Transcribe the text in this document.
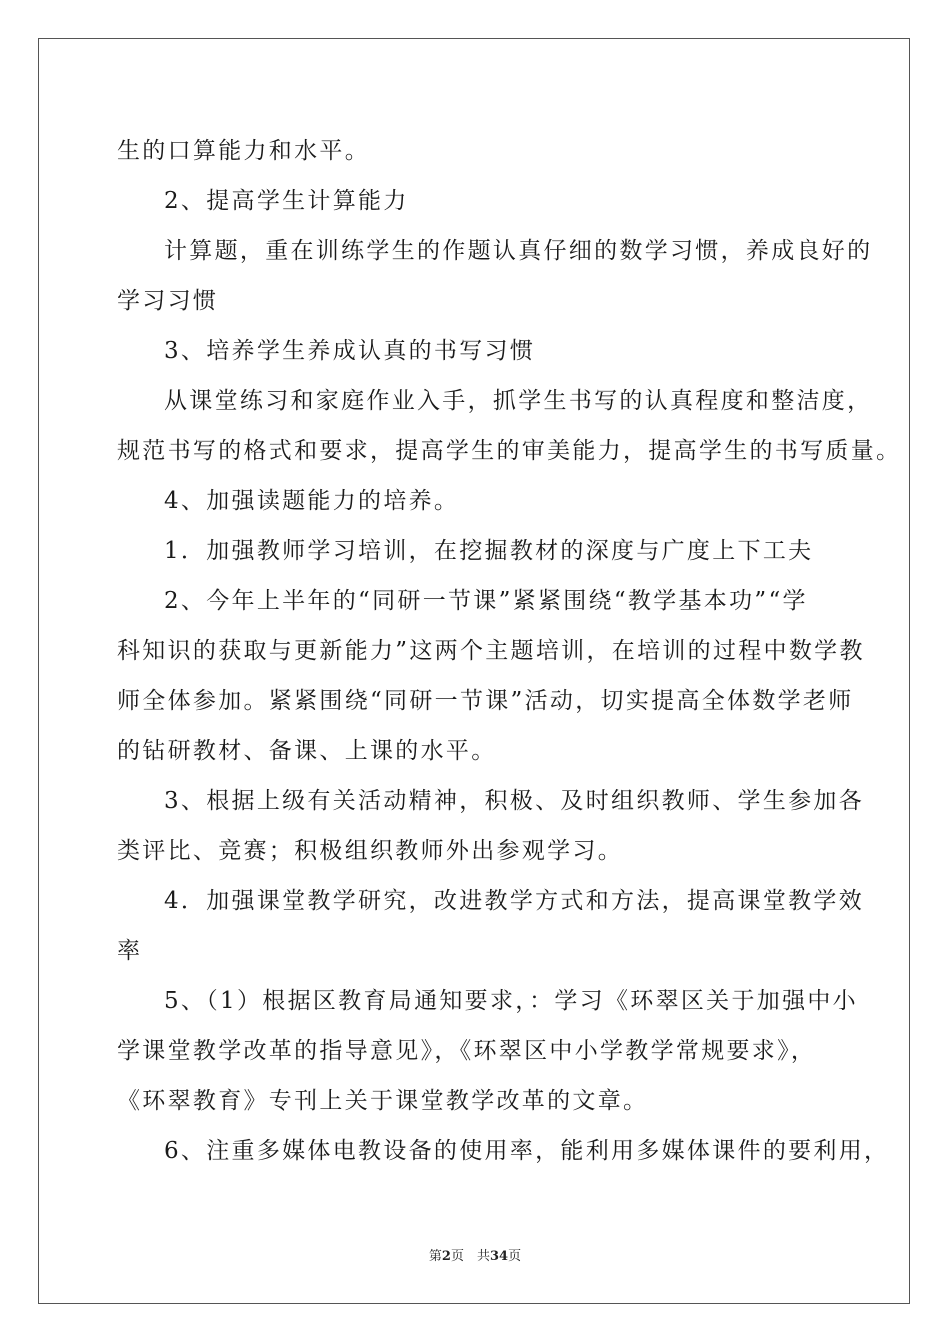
生的口算能力和水平。
2、提高学生计算能力
计算题，重在训练学生的作题认真仔细的数学习惯，养成良好的
学习习惯
3、培养学生养成认真的书写习惯
从课堂练习和家庭作业入手，抓学生书写的认真程度和整洁度，
规范书写的格式和要求，提高学生的审美能力，提高学生的书写质量。
4、加强读题能力的培养。
1．加强教师学习培训，在挖掘教材的深度与广度上下工夫
2、今年上半年的“同研一节课”紧紧围绕“教学基本功”“学
科知识的获取与更新能力”这两个主题培训，在培训的过程中数学教
师全体参加。紧紧围绕“同研一节课”活动，切实提高全体数学老师
的钻研教材、备课、上课的水平。
3、根据上级有关活动精神，积极、及时组织教师、学生参加各
类评比、竞赛；积极组织教师外出参观学习。
4．加强课堂教学研究，改进教学方式和方法，提高课堂教学效
率
5、（1）根据区教育局通知要求，：学习《环翠区关于加强中小
学课堂教学改革的指导意见》，《环翠区中小学教学常规要求》，
《环翠教育》专刊上关于课堂教学改革的文章。
6、注重多媒体电教设备的使用率，能利用多媒体课件的要利用，
第2页　共34页
